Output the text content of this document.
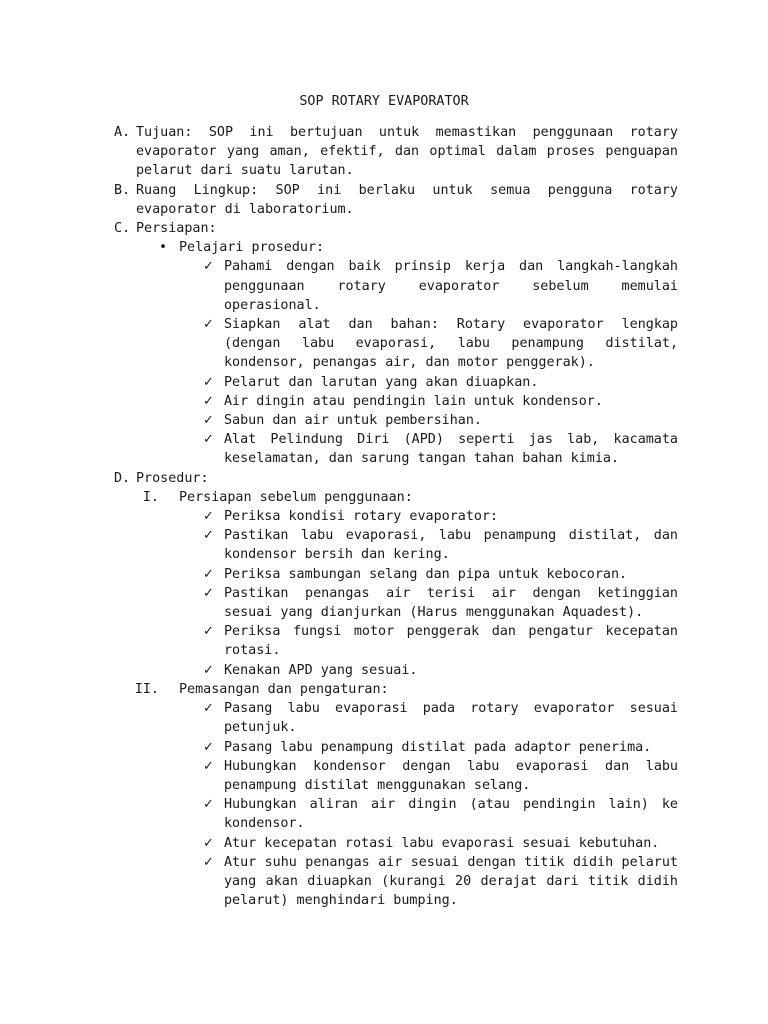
SOP ROTARY EVAPORATOR
A. Tujuan: SOP ini bertujuan untuk memastikan penggunaan rotary evaporator yang aman, efektif, dan optimal dalam proses penguapan pelarut dari suatu larutan.
B. Ruang Lingkup: SOP ini berlaku untuk semua pengguna rotary evaporator di laboratorium.
C. Persiapan:
• Pelajari prosedur:
✓ Pahami dengan baik prinsip kerja dan langkah-langkah penggunaan rotary evaporator sebelum memulai operasional.
✓ Siapkan alat dan bahan: Rotary evaporator lengkap (dengan labu evaporasi, labu penampung distilat, kondensor, penangas air, dan motor penggerak).
✓ Pelarut dan larutan yang akan diuapkan.
✓ Air dingin atau pendingin lain untuk kondensor.
✓ Sabun dan air untuk pembersihan.
✓ Alat Pelindung Diri (APD) seperti jas lab, kacamata keselamatan, dan sarung tangan tahan bahan kimia.
D. Prosedur:
I. Persiapan sebelum penggunaan:
✓ Periksa kondisi rotary evaporator:
✓ Pastikan labu evaporasi, labu penampung distilat, dan kondensor bersih dan kering.
✓ Periksa sambungan selang dan pipa untuk kebocoran.
✓ Pastikan penangas air terisi air dengan ketinggian sesuai yang dianjurkan (Harus menggunakan Aquadest).
✓ Periksa fungsi motor penggerak dan pengatur kecepatan rotasi.
✓ Kenakan APD yang sesuai.
II. Pemasangan dan pengaturan:
✓ Pasang labu evaporasi pada rotary evaporator sesuai petunjuk.
✓ Pasang labu penampung distilat pada adaptor penerima.
✓ Hubungkan kondensor dengan labu evaporasi dan labu penampung distilat menggunakan selang.
✓ Hubungkan aliran air dingin (atau pendingin lain) ke kondensor.
✓ Atur kecepatan rotasi labu evaporasi sesuai kebutuhan.
✓ Atur suhu penangas air sesuai dengan titik didih pelarut yang akan diuapkan (kurangi 20 derajat dari titik didih pelarut) menghindari bumping.
